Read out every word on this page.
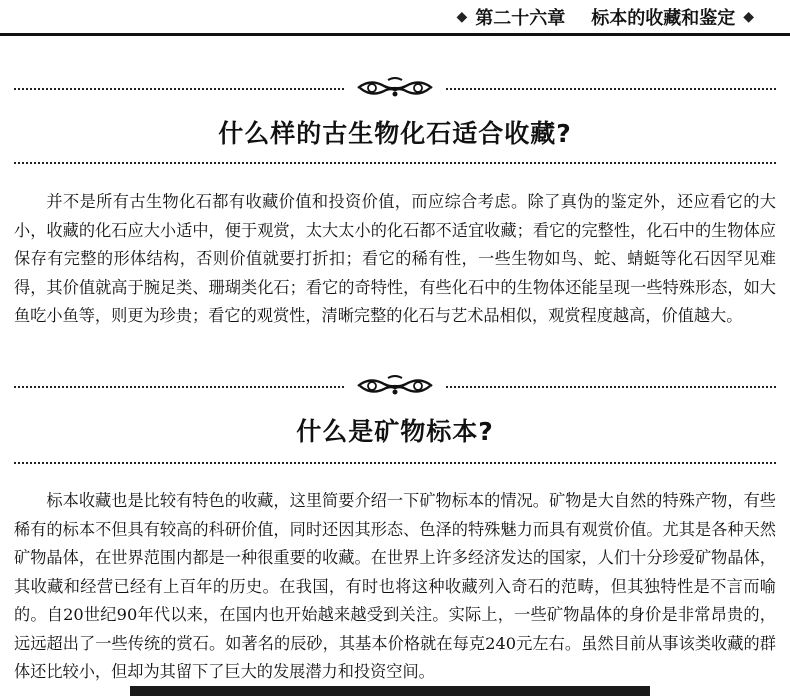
◆ 第二十六章 标本的收藏和鉴定 ◆
什么样的古生物化石适合收藏?
并不是所有古生物化石都有收藏价值和投资价值，而应综合考虑。除了真伪的鉴定外，还应看它的大小，收藏的化石应大小适中，便于观赏，太大太小的化石都不适宜收藏；看它的完整性，化石中的生物体应保存有完整的形体结构，否则价值就要打折扣；看它的稀有性，一些生物如鸟、蛇、蜻蜓等化石因罕见难得，其价值就高于腕足类、珊瑚类化石；看它的奇特性，有些化石中的生物体还能呈现一些特殊形态，如大鱼吃小鱼等，则更为珍贵；看它的观赏性，清晰完整的化石与艺术品相似，观赏程度越高，价值越大。
什么是矿物标本?
标本收藏也是比较有特色的收藏，这里简要介绍一下矿物标本的情况。矿物是大自然的特殊产物，有些稀有的标本不但具有较高的科研价值，同时还因其形态、色泽的特殊魅力而具有观赏价值。尤其是各种天然矿物晶体，在世界范围内都是一种很重要的收藏。在世界上许多经济发达的国家，人们十分珍爱矿物晶体，其收藏和经营已经有上百年的历史。在我国，有时也将这种收藏列入奇石的范畴，但其独特性是不言而喻的。自20世纪90年代以来，在国内也开始越来越受到关注。实际上，一些矿物晶体的身价是非常昂贵的，远远超出了一些传统的赏石。如著名的辰砂，其基本价格就在每克240元左右。虽然目前从事该类收藏的群体还比较小，但却为其留下了巨大的发展潜力和投资空间。
